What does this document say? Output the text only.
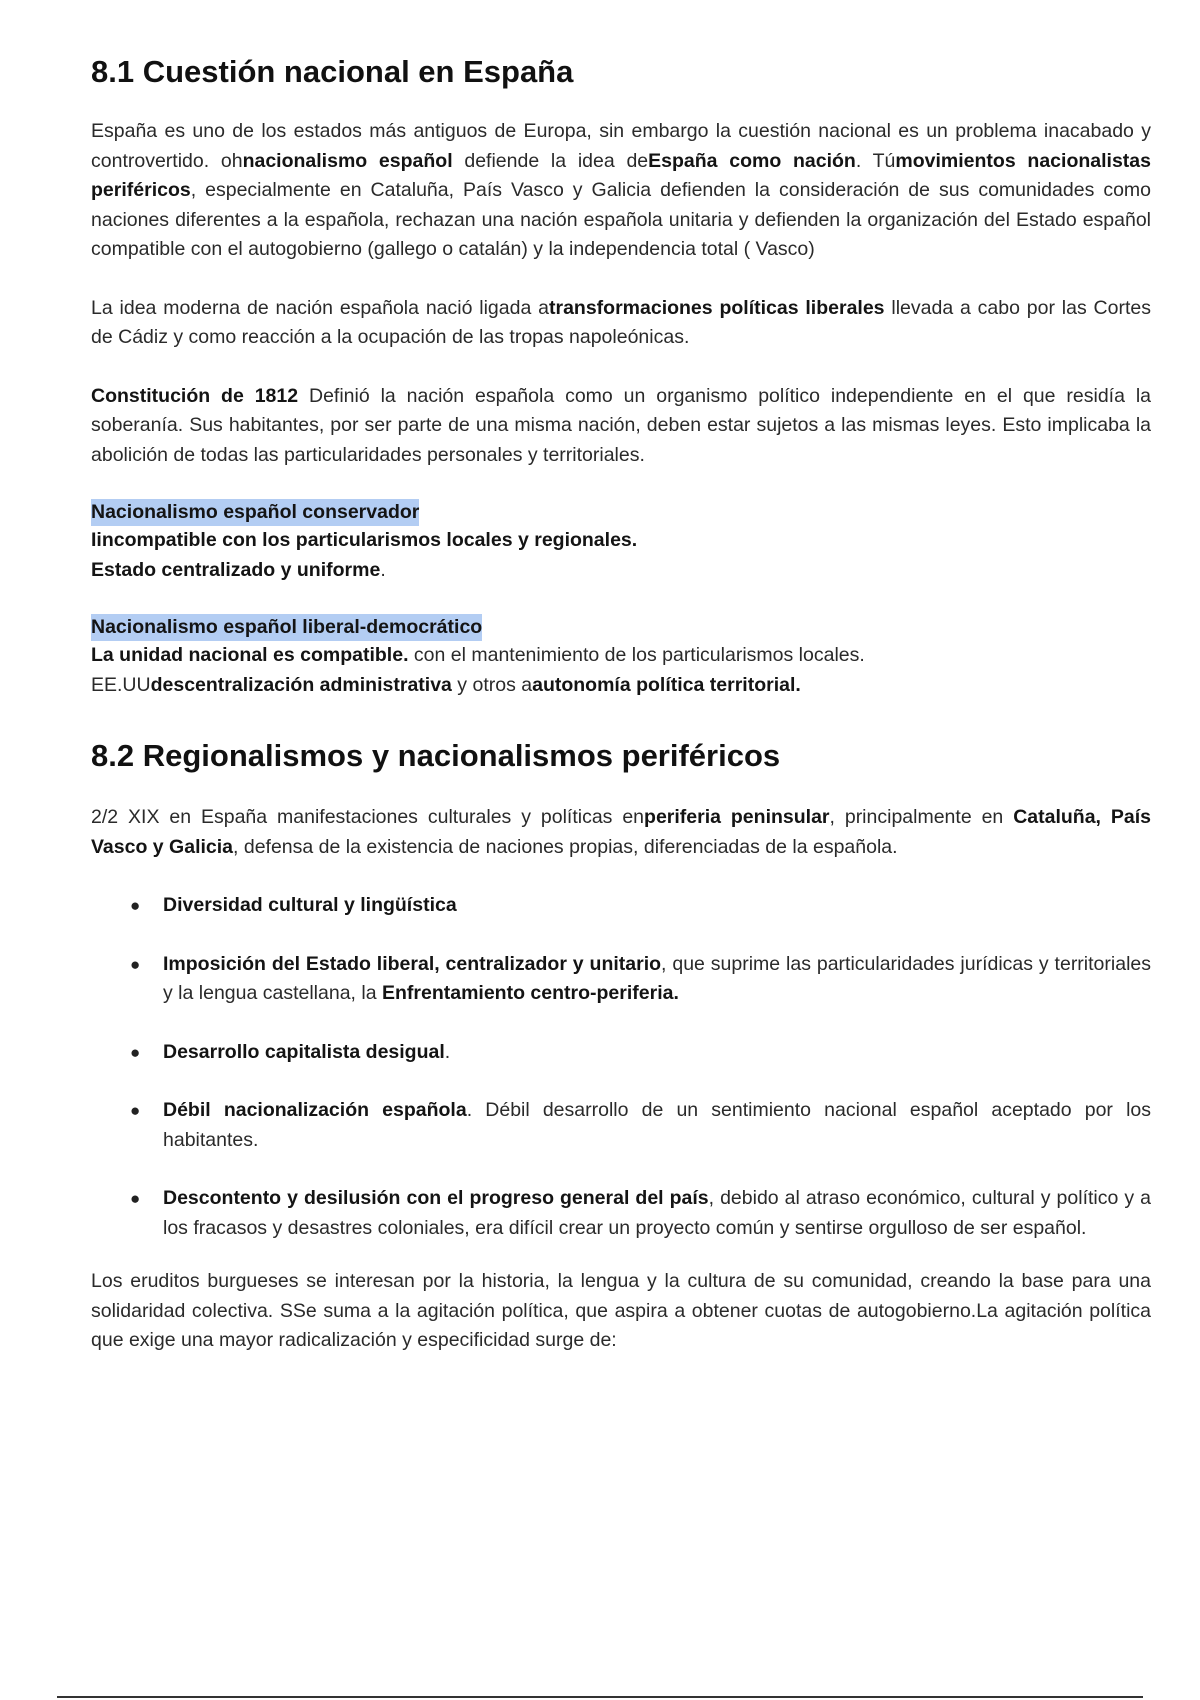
8.1 Cuestión nacional en España

España es uno de los estados más antiguos de Europa, sin embargo la cuestión nacional es un problema inacabado y controvertido. ohnacionalismo español defiende la idea deEspaña como nación. Túmovimientos nacionalistas periféricos, especialmente en Cataluña, País Vasco y Galicia defienden la consideración de sus comunidades como naciones diferentes a la española, rechazan una nación española unitaria y defienden la organización del Estado español compatible con el autogobierno (gallego o catalán) y la independencia total ( Vasco)

La idea moderna de nación española nació ligada atransformaciones políticas liberales llevada a cabo por las Cortes de Cádiz y como reacción a la ocupación de las tropas napoleónicas.

Constitución de 1812 Definió la nación española como un organismo político independiente en el que residía la soberanía. Sus habitantes, por ser parte de una misma nación, deben estar sujetos a las mismas leyes. Esto implicaba la abolición de todas las particularidades personales y territoriales.

Nacionalismo español conservador
Iincompatible con los particularismos locales y regionales.
Estado centralizado y uniforme.
Nacionalismo español liberal-democrático

La unidad nacional es compatible. con el mantenimiento de los particularismos locales.

EE.UUdescentralización administrativa y otros aautonomía política territorial.

8.2 Regionalismos y nacionalismos periféricos

2/2 XIX en España manifestaciones culturales y políticas enperiferia peninsular, principalmente en Cataluña, País Vasco y Galicia, defensa de la existencia de naciones propias, diferenciadas de la española.

● Diversidad cultural y lingüística
● Imposición del Estado liberal, centralizador y unitario, que suprime las particularidades jurídicas y territoriales y la lengua castellana, la Enfrentamiento centro-periferia.
● Desarrollo capitalista desigual.
● Débil nacionalización española. Débil desarrollo de un sentimiento nacional español aceptado por los habitantes.
● Descontento y desilusión con el progreso general del país, debido al atraso económico, cultural y político y a los fracasos y desastres coloniales, era difícil crear un proyecto común y sentirse orgulloso de ser español.

Los eruditos burgueses se interesan por la historia, la lengua y la cultura de su comunidad, creando la base para una solidaridad colectiva. SSe suma a la agitación política, que aspira a obtener cuotas de autogobierno.La agitación política que exige una mayor radicalización y especificidad surge de:
